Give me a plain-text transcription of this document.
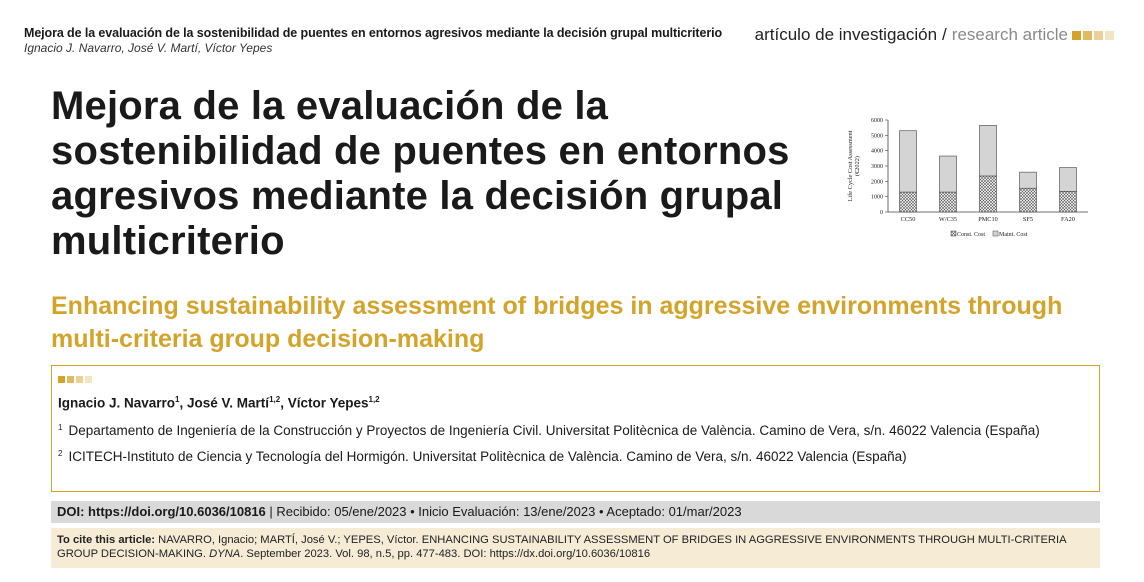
Mejora de la evaluación de la sostenibilidad de puentes en entornos agresivos mediante la decisión grupal multicriterio
Ignacio J. Navarro, José V. Martí, Víctor Yepes
artículo de investigación / research article
Mejora de la evaluación de la sostenibilidad de puentes en entornos agresivos mediante la decisión grupal multicriterio
0
1000
2000
3000
4000
5000
6000
Life Cycle Cost Assessment(€2022)
CC50	W/C35	PMC10	SF5	FA20
Const. Cost Maint. Cost
Enhancing sustainability assessment of bridges in aggressive environments through multi-criteria group decision-making
Ignacio J. Navarro$^1$, José V. Martí$^{1,2}$, Víctor Yepes$^{1,2}$
1 Departamento de Ingeniería de la Construcción y Proyectos de Ingeniería Civil. Universitat Politècnica de València. Camino de Vera, s/n. 46022 Valencia (España)
2 ICITECH-Instituto de Ciencia y Tecnología del Hormigón. Universitat Politècnica de València. Camino de Vera, s/n. 46022 Valencia (España)
DOI: https://doi.org/10.6036/10816 | Recibido: 05/ene/2023 • Inicio Evaluación: 13/ene/2023 • Aceptado: 01/mar/2023
To cite this article: NAVARRO, Ignacio; MARTÍ, José V.; YEPES, Víctor. ENHANCING SUSTAINABILITY ASSESSMENT OF BRIDGES IN AGGRESSIVE ENVIRONMENTS THROUGH MULTI-CRITERIA GROUP DECISION-MAKING. DYNA. September 2023. Vol. 98, n.5, pp. 477-483. DOI: https://dx.doi.org/10.6036/10816
